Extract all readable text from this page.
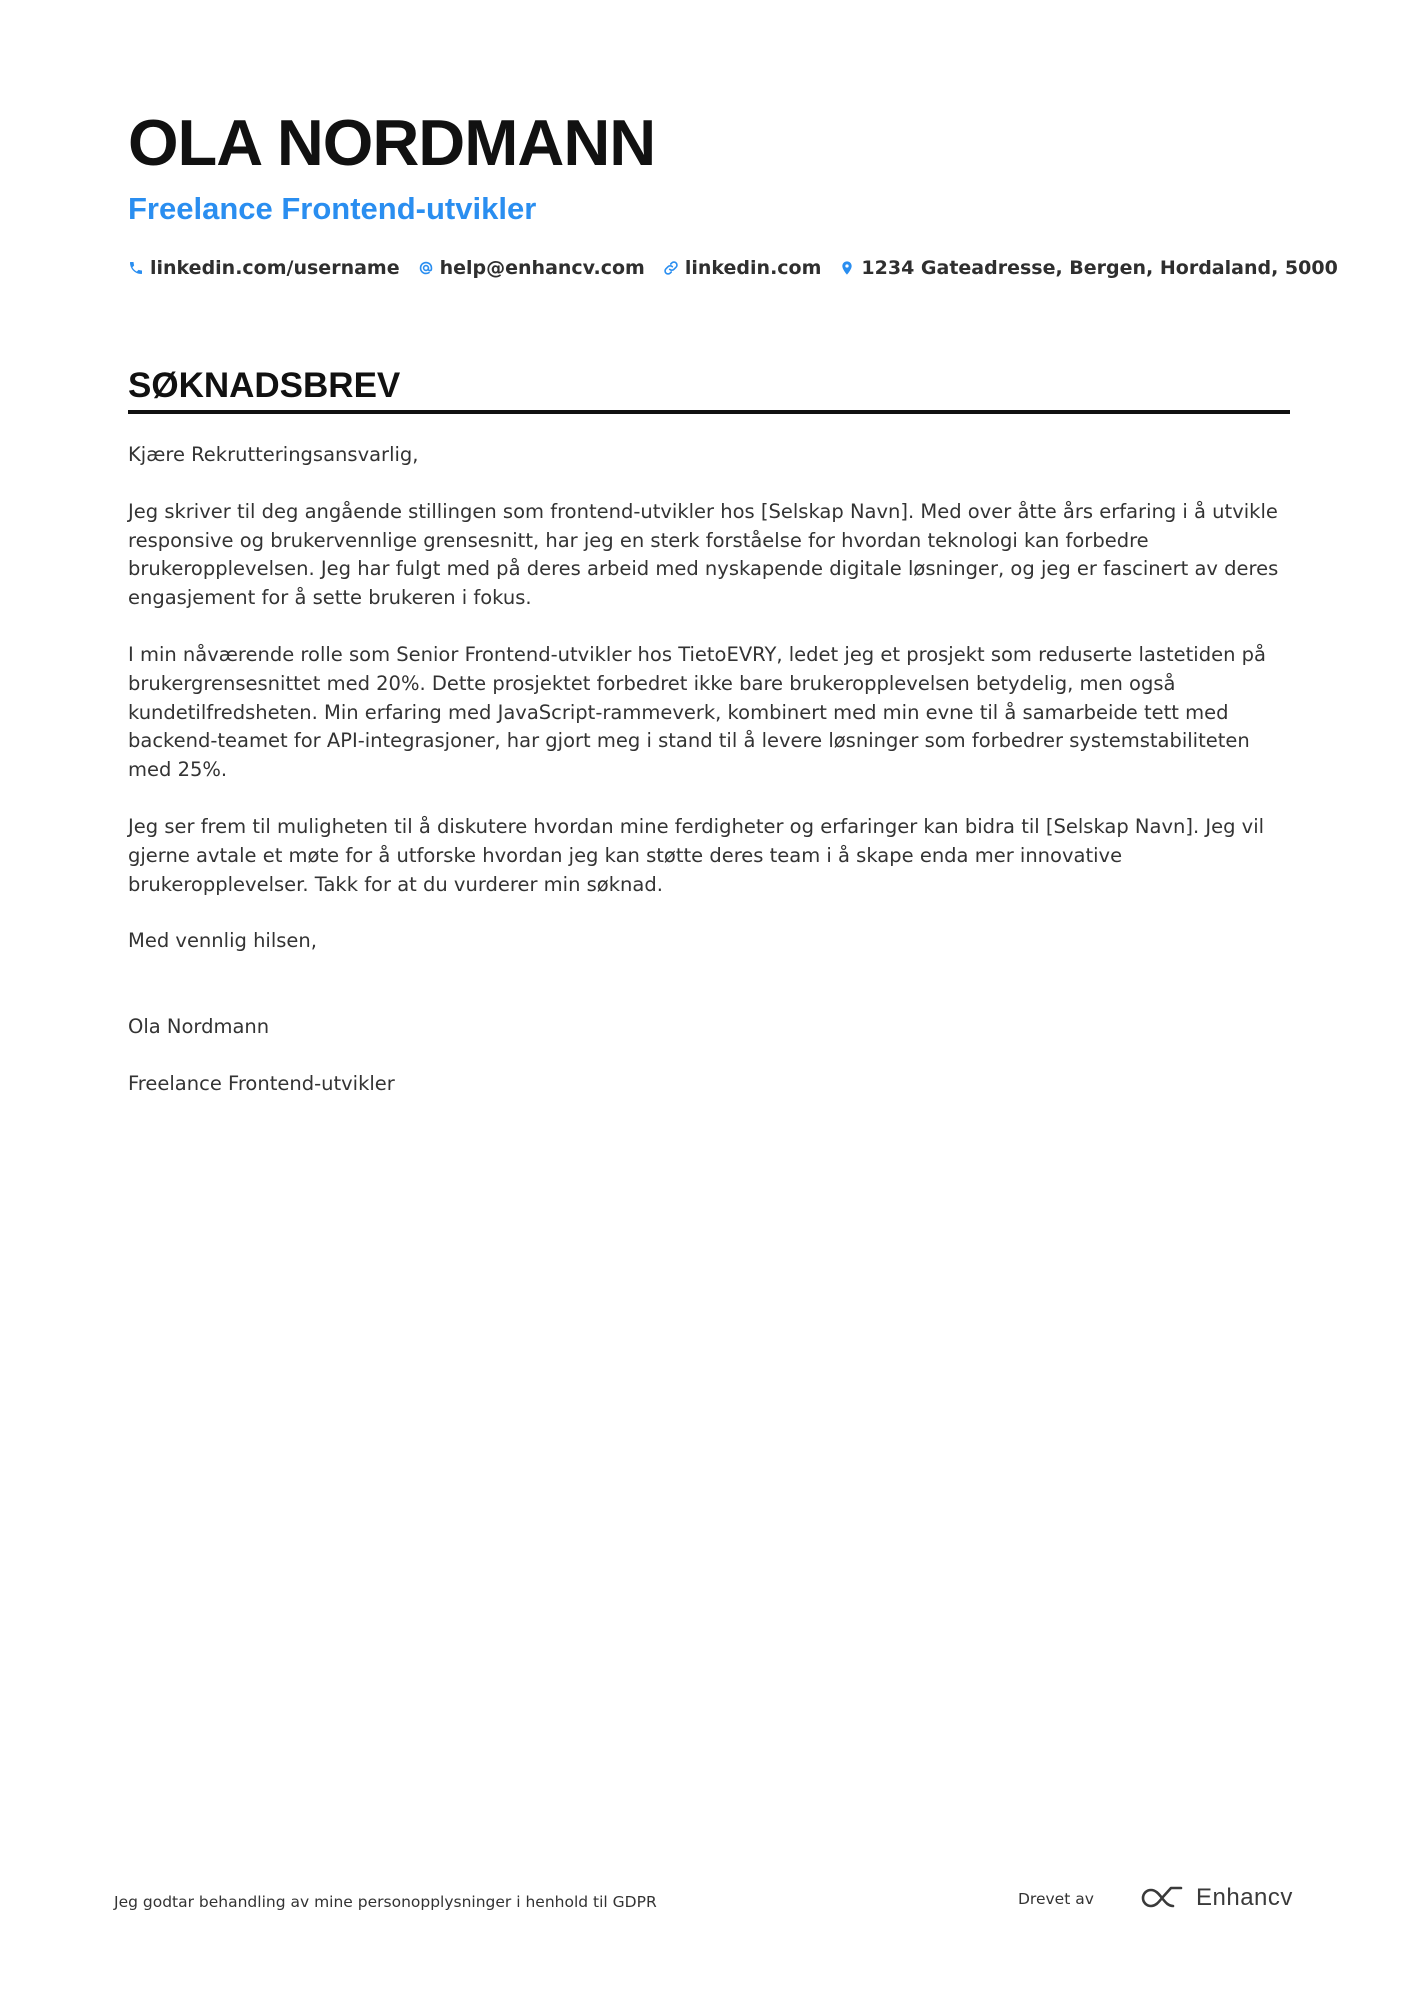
OLA NORDMANN
Freelance Frontend-utvikler
linkedin.com/username help@enhancv.com linkedin.com 1234 Gateadresse, Bergen, Hordaland, 5000
SØKNADSBREV

Kjære Rekrutteringsansvarlig,

Jeg skriver til deg angående stillingen som frontend-utvikler hos [Selskap Navn]. Med over åtte års erfaring i å utvikle responsive og brukervennlige grensesnitt, har jeg en sterk forståelse for hvordan teknologi kan forbedre brukeropplevelsen. Jeg har fulgt med på deres arbeid med nyskapende digitale løsninger, og jeg er fascinert av deres engasjement for å sette brukeren i fokus.

I min nåværende rolle som Senior Frontend-utvikler hos TietoEVRY, ledet jeg et prosjekt som reduserte lastetiden på brukergrensesnittet med 20%. Dette prosjektet forbedret ikke bare brukeropplevelsen betydelig, men også kundetilfredsheten. Min erfaring med JavaScript-rammeverk, kombinert med min evne til å samarbeide tett med backend-teamet for API-integrasjoner, har gjort meg i stand til å levere løsninger som forbedrer systemstabiliteten med 25%.

Jeg ser frem til muligheten til å diskutere hvordan mine ferdigheter og erfaringer kan bidra til [Selskap Navn]. Jeg vil gjerne avtale et møte for å utforske hvordan jeg kan støtte deres team i å skape enda mer innovative brukeropplevelser. Takk for at du vurderer min søknad.

Med vennlig hilsen,

Ola Nordmann

Freelance Frontend-utvikler

Jeg godtar behandling av mine personopplysninger i henhold til GDPR	Drevet av	Enhancv
